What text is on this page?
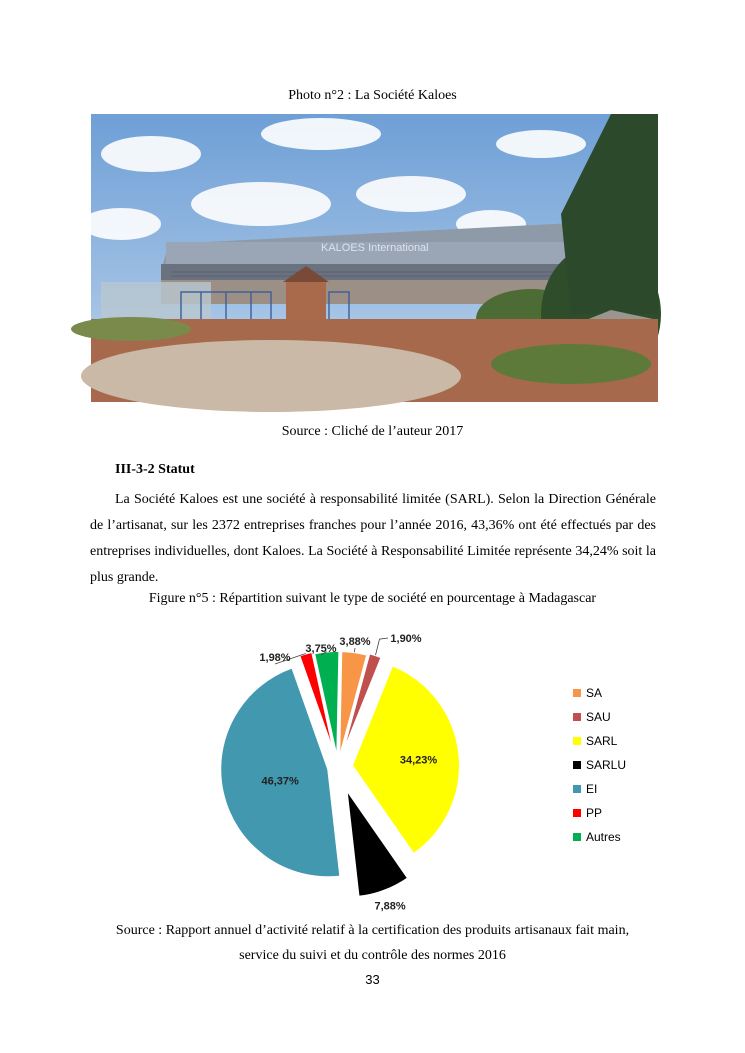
Photo n°2 : La Société Kaloes
KALOES International
Source : Cliché de l’auteur 2017
III-3-2 Statut
La Société Kaloes est une société à responsabilité limitée (SARL). Selon la Direction Générale de l’artisanat, sur les 2372 entreprises franches pour l’année 2016, 43,36% ont été effectués par des entreprises individuelles, dont Kaloes. La Société à Responsabilité Limitée représente 34,24% soit la plus grande.
Figure n°5 : Répartition suivant le type de société en pourcentage à Madagascar
3,88% 1,90%
34,23%
7,88%
46,37%
1,98%
3,75%
SA
SAU
SARL
SARLU
EI
PP
Autres
Source : Rapport annuel d’activité relatif à la certification des produits artisanaux fait main,
service du suivi et du contrôle des normes 2016
33
